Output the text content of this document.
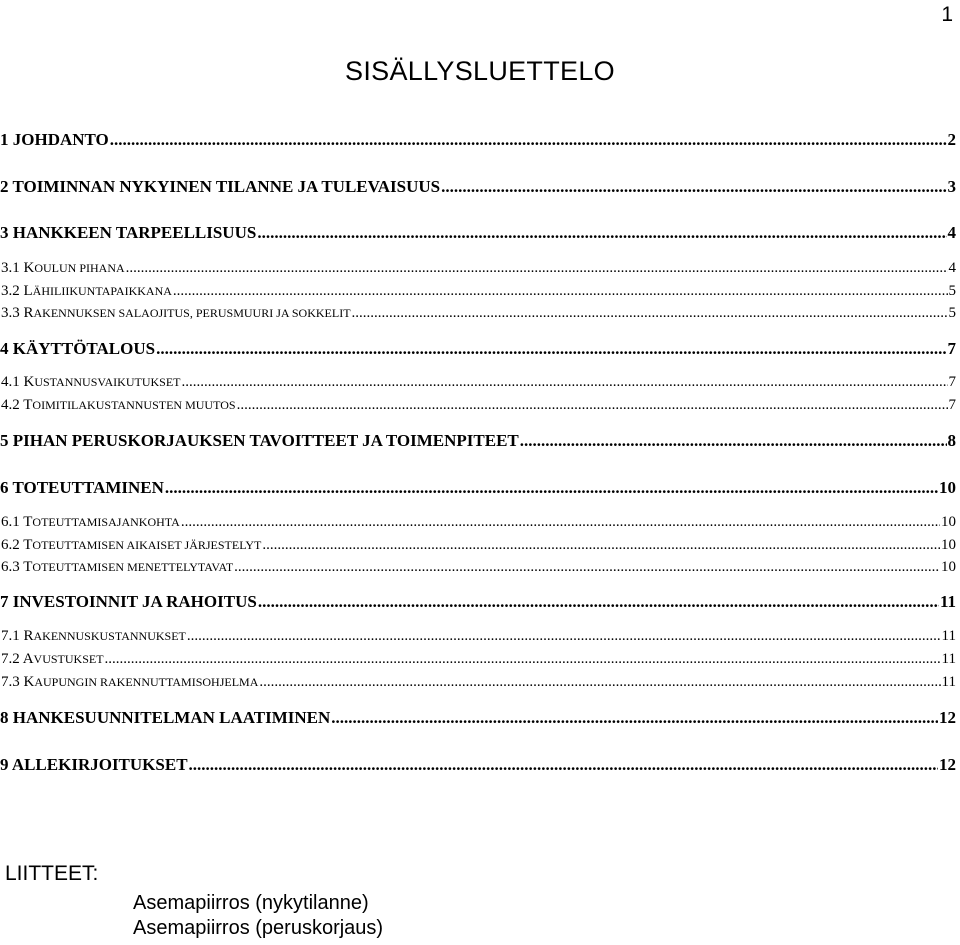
1
SISÄLLYSLUETTELO
1 JOHDANTO .....	2
2 TOIMINNAN NYKYINEN TILANNE JA TULEVAISUUS .....	3
3 HANKKEEN TARPEELLISUUS .....	4
3.1 KOULUN PIHANA .....	4
3.2 LÄHILIIKUNTAPAIKKANA .....	5
3.3 RAKENNUKSEN SALAOJITUS, PERUSMUURI JA SOKKELIT .....	5
4 KÄYTTÖTALOUS .....	7
4.1 KUSTANNUSVAIKUTUKSET .....	7
4.2 TOIMITILAKUSTANNUSTEN MUUTOS .....	7
5 PIHAN PERUSKORJAUKSEN TAVOITTEET JA TOIMENPITEET .....	8
6 TOTEUTTAMINEN .....	10
6.1 TOTEUTTAMISAJANKOHTA .....	10
6.2 TOTEUTTAMISEN AIKAISET JÄRJESTELYT .....	10
6.3 TOTEUTTAMISEN MENETTELYTAVAT .....	10
7 INVESTOINNIT JA RAHOITUS .....	11
7.1 RAKENNUSKUSTANNUKSET .....	11
7.2 AVUSTUKSET .....	11
7.3 KAUPUNGIN RAKENNUTTAMISOHJELMA .....	11
8 HANKESUUNNITELMAN LAATIMINEN .....	12
9 ALLEKIRJOITUKSET .....	12
LIITTEET:
Asemapiirros (nykytilanne)
Asemapiirros (peruskorjaus)
